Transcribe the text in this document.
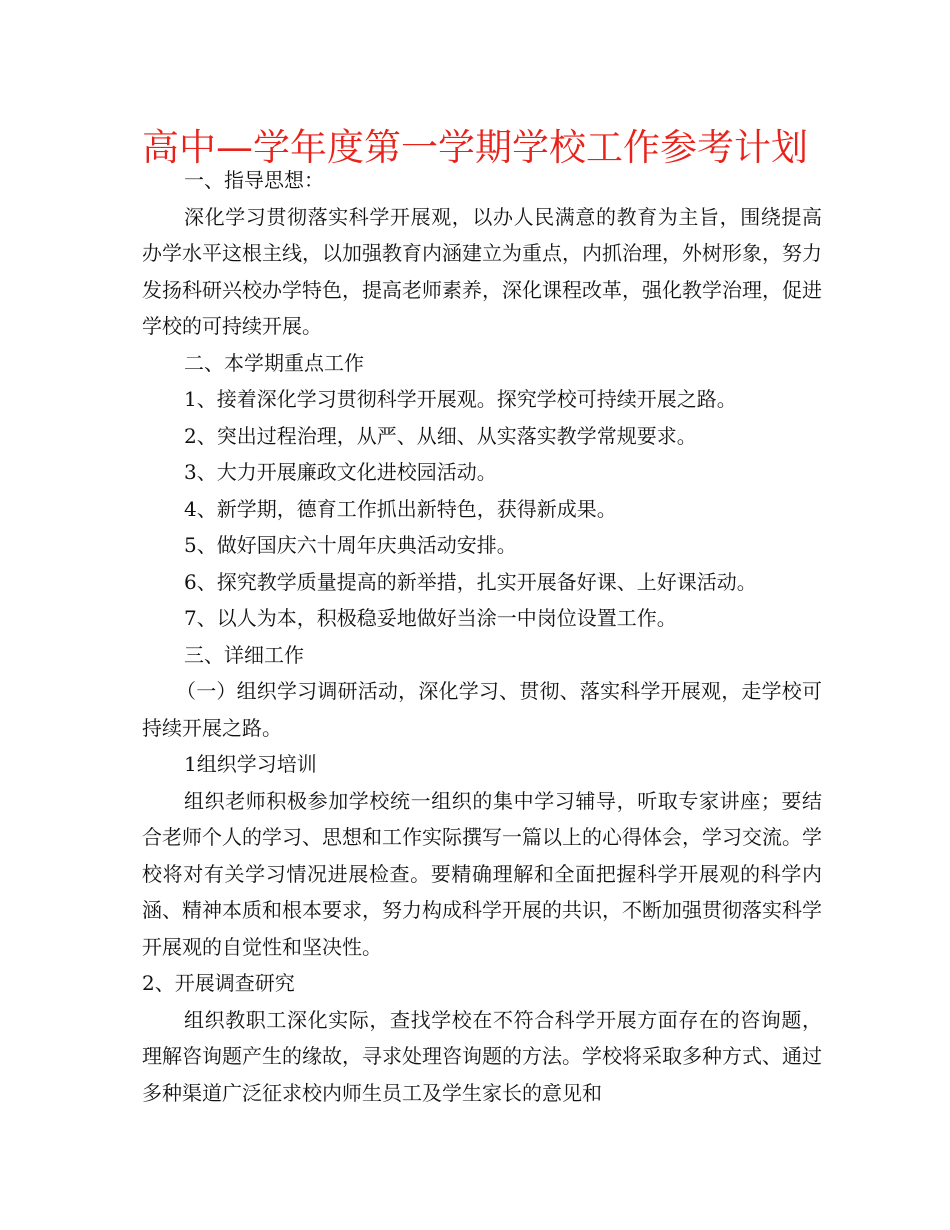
高中—学年度第一学期学校工作参考计划

一、指导思想：

深化学习贯彻落实科学开展观，以办人民满意的教育为主旨，围绕提高办学水平这根主线，以加强教育内涵建立为重点，内抓治理，外树形象，努力发扬科研兴校办学特色，提高老师素养，深化课程改革，强化教学治理，促进学校的可持续开展。

二、本学期重点工作

1、接着深化学习贯彻科学开展观。探究学校可持续开展之路。

2、突出过程治理，从严、从细、从实落实教学常规要求。

3、大力开展廉政文化进校园活动。

4、新学期，德育工作抓出新特色，获得新成果。

5、做好国庆六十周年庆典活动安排。

6、探究教学质量提高的新举措，扎实开展备好课、上好课活动。

7、以人为本，积极稳妥地做好当涂一中岗位设置工作。

三、详细工作

（一）组织学习调研活动，深化学习、贯彻、落实科学开展观，走学校可持续开展之路。

1组织学习培训

组织老师积极参加学校统一组织的集中学习辅导，听取专家讲座；要结合老师个人的学习、思想和工作实际撰写一篇以上的心得体会，学习交流。学校将对有关学习情况进展检查。要精确理解和全面把握科学开展观的科学内涵、精神本质和根本要求，努力构成科学开展的共识，不断加强贯彻落实科学开展观的自觉性和坚决性。

2、开展调查研究

组织教职工深化实际，查找学校在不符合科学开展方面存在的咨询题，理解咨询题产生的缘故，寻求处理咨询题的方法。学校将采取多种方式、通过多种渠道广泛征求校内师生员工及学生家长的意见和
